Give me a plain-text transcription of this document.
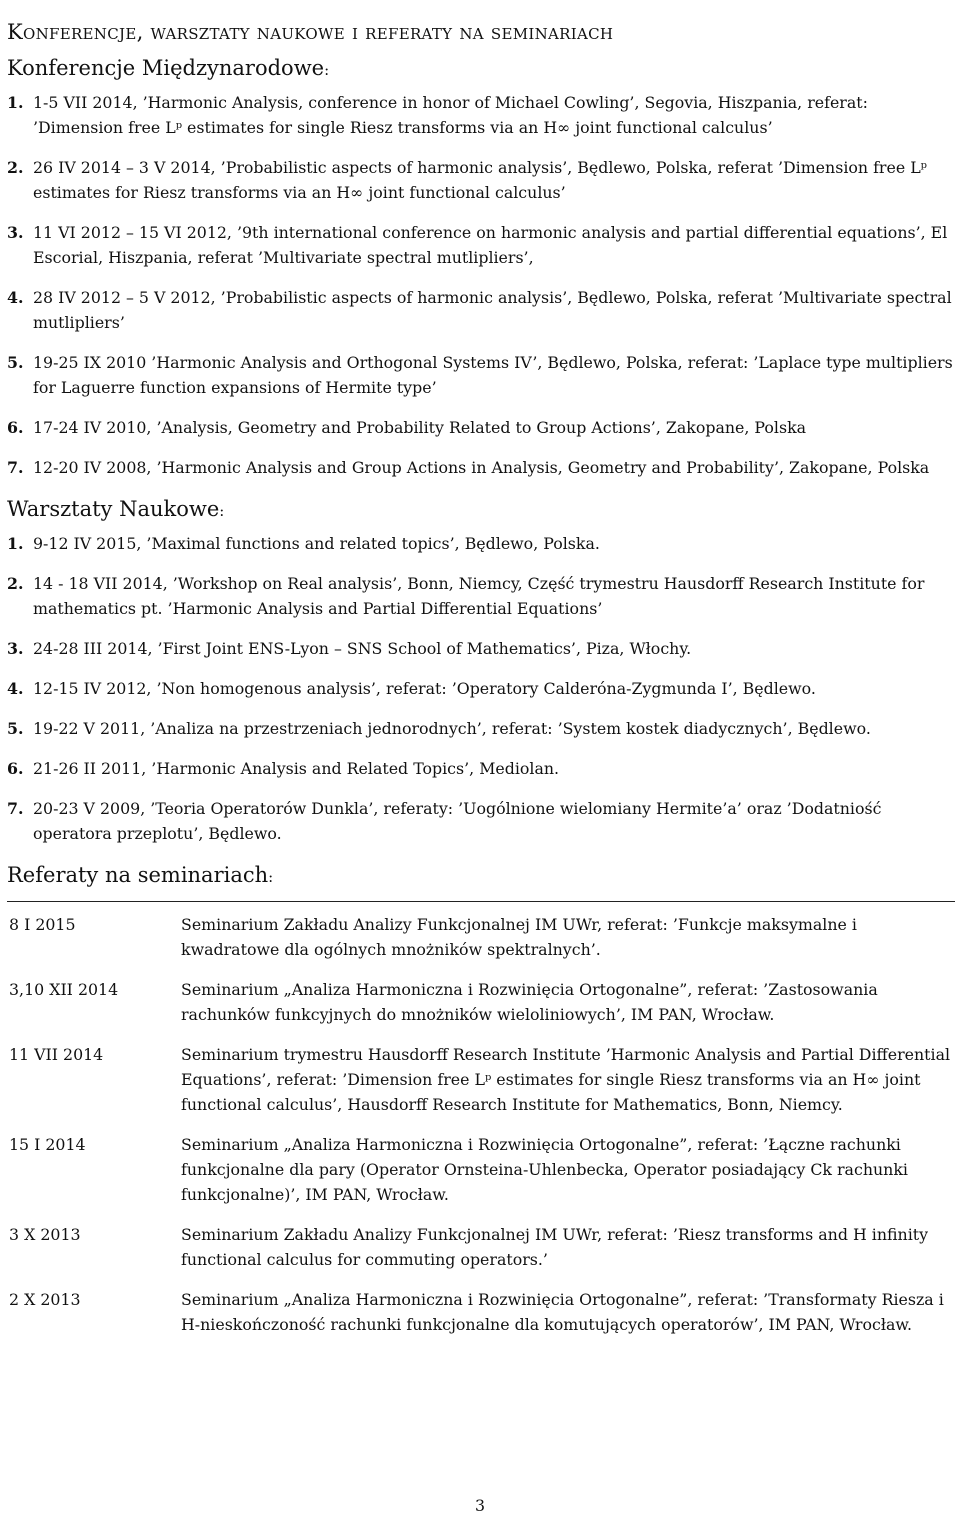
Konferencje, warsztaty naukowe i referaty na seminariach
Konferencje Międzynarodowe:
1. 1-5 VII 2014, ’Harmonic Analysis, conference in honor of Michael Cowling’, Segovia, Hiszpania, referat: ’Dimension free Lᵖ estimates for single Riesz transforms via an H∞ joint functional calculus’
2. 26 IV 2014 – 3 V 2014, ’Probabilistic aspects of harmonic analysis’, Będlewo, Polska, referat ’Dimension free Lᵖ estimates for Riesz transforms via an H∞ joint functional calculus’
3. 11 VI 2012 – 15 VI 2012, ’9th international conference on harmonic analysis and partial differential equations’, El Escorial, Hiszpania, referat ’Multivariate spectral mutlipliers’,
4. 28 IV 2012 – 5 V 2012, ’Probabilistic aspects of harmonic analysis’, Będlewo, Polska, referat ’Multivariate spectral mutlipliers’
5. 19-25 IX 2010 ’Harmonic Analysis and Orthogonal Systems IV’, Będlewo, Polska, referat: ’Laplace type multipliers for Laguerre function expansions of Hermite type’
6. 17-24 IV 2010, ’Analysis, Geometry and Probability Related to Group Actions’, Zakopane, Polska
7. 12-20 IV 2008, ’Harmonic Analysis and Group Actions in Analysis, Geometry and Probability’, Zakopane, Polska
Warsztaty Naukowe:
1. 9-12 IV 2015, ’Maximal functions and related topics’, Będlewo, Polska.
2. 14 - 18 VII 2014, ’Workshop on Real analysis’, Bonn, Niemcy, Część trymestru Hausdorff Research Institute for mathematics pt. ’Harmonic Analysis and Partial Differential Equations’
3. 24-28 III 2014, ’First Joint ENS-Lyon – SNS School of Mathematics’, Piza, Włochy.
4. 12-15 IV 2012, ’Non homogenous analysis’, referat: ’Operatory Calderóna-Zygmunda I’, Będlewo.
5. 19-22 V 2011, ’Analiza na przestrzeniach jednorodnych’, referat: ’System kostek diadycznych’, Będlewo.
6. 21-26 II 2011, ’Harmonic Analysis and Related Topics’, Mediolan.
7. 20-23 V 2009, ’Teoria Operatorów Dunkla’, referaty: ’Uogólnione wielomiany Hermite’a’ oraz ’Dodatniość operatora przeplotu’, Będlewo.
Referaty na seminariach:

8 I 2015	Seminarium Zakładu Analizy Funkcjonalnej IM UWr, referat: ’Funkcje maksymalne i kwadratowe dla ogólnych mnożników spektralnych’.
3,10 XII 2014	Seminarium „Analiza Harmoniczna i Rozwinięcia Ortogonalne”, referat: ’Zastosowania rachunków funkcyjnych do mnożników wieloliniowych’, IM PAN, Wrocław.
11 VII 2014	Seminarium trymestru Hausdorff Research Institute ’Harmonic Analysis and Partial Differential Equations’, referat: ’Dimension free Lᵖ estimates for single Riesz transforms via an H∞ joint functional calculus’, Hausdorff Research Institute for Mathematics, Bonn, Niemcy.
15 I 2014	Seminarium „Analiza Harmoniczna i Rozwinięcia Ortogonalne”, referat: ’Łączne rachunki funkcjonalne dla pary (Operator Ornsteina-Uhlenbecka, Operator posiadający Ck rachunki funkcjonalne)’, IM PAN, Wrocław.
3 X 2013	Seminarium Zakładu Analizy Funkcjonalnej IM UWr, referat: ’Riesz transforms and H infinity functional calculus for commuting operators.’
2 X 2013	Seminarium „Analiza Harmoniczna i Rozwinięcia Ortogonalne”, referat: ’Transformaty Riesza i H-nieskończoność rachunki funkcjonalne dla komutujących operatorów’, IM PAN, Wrocław.
3
